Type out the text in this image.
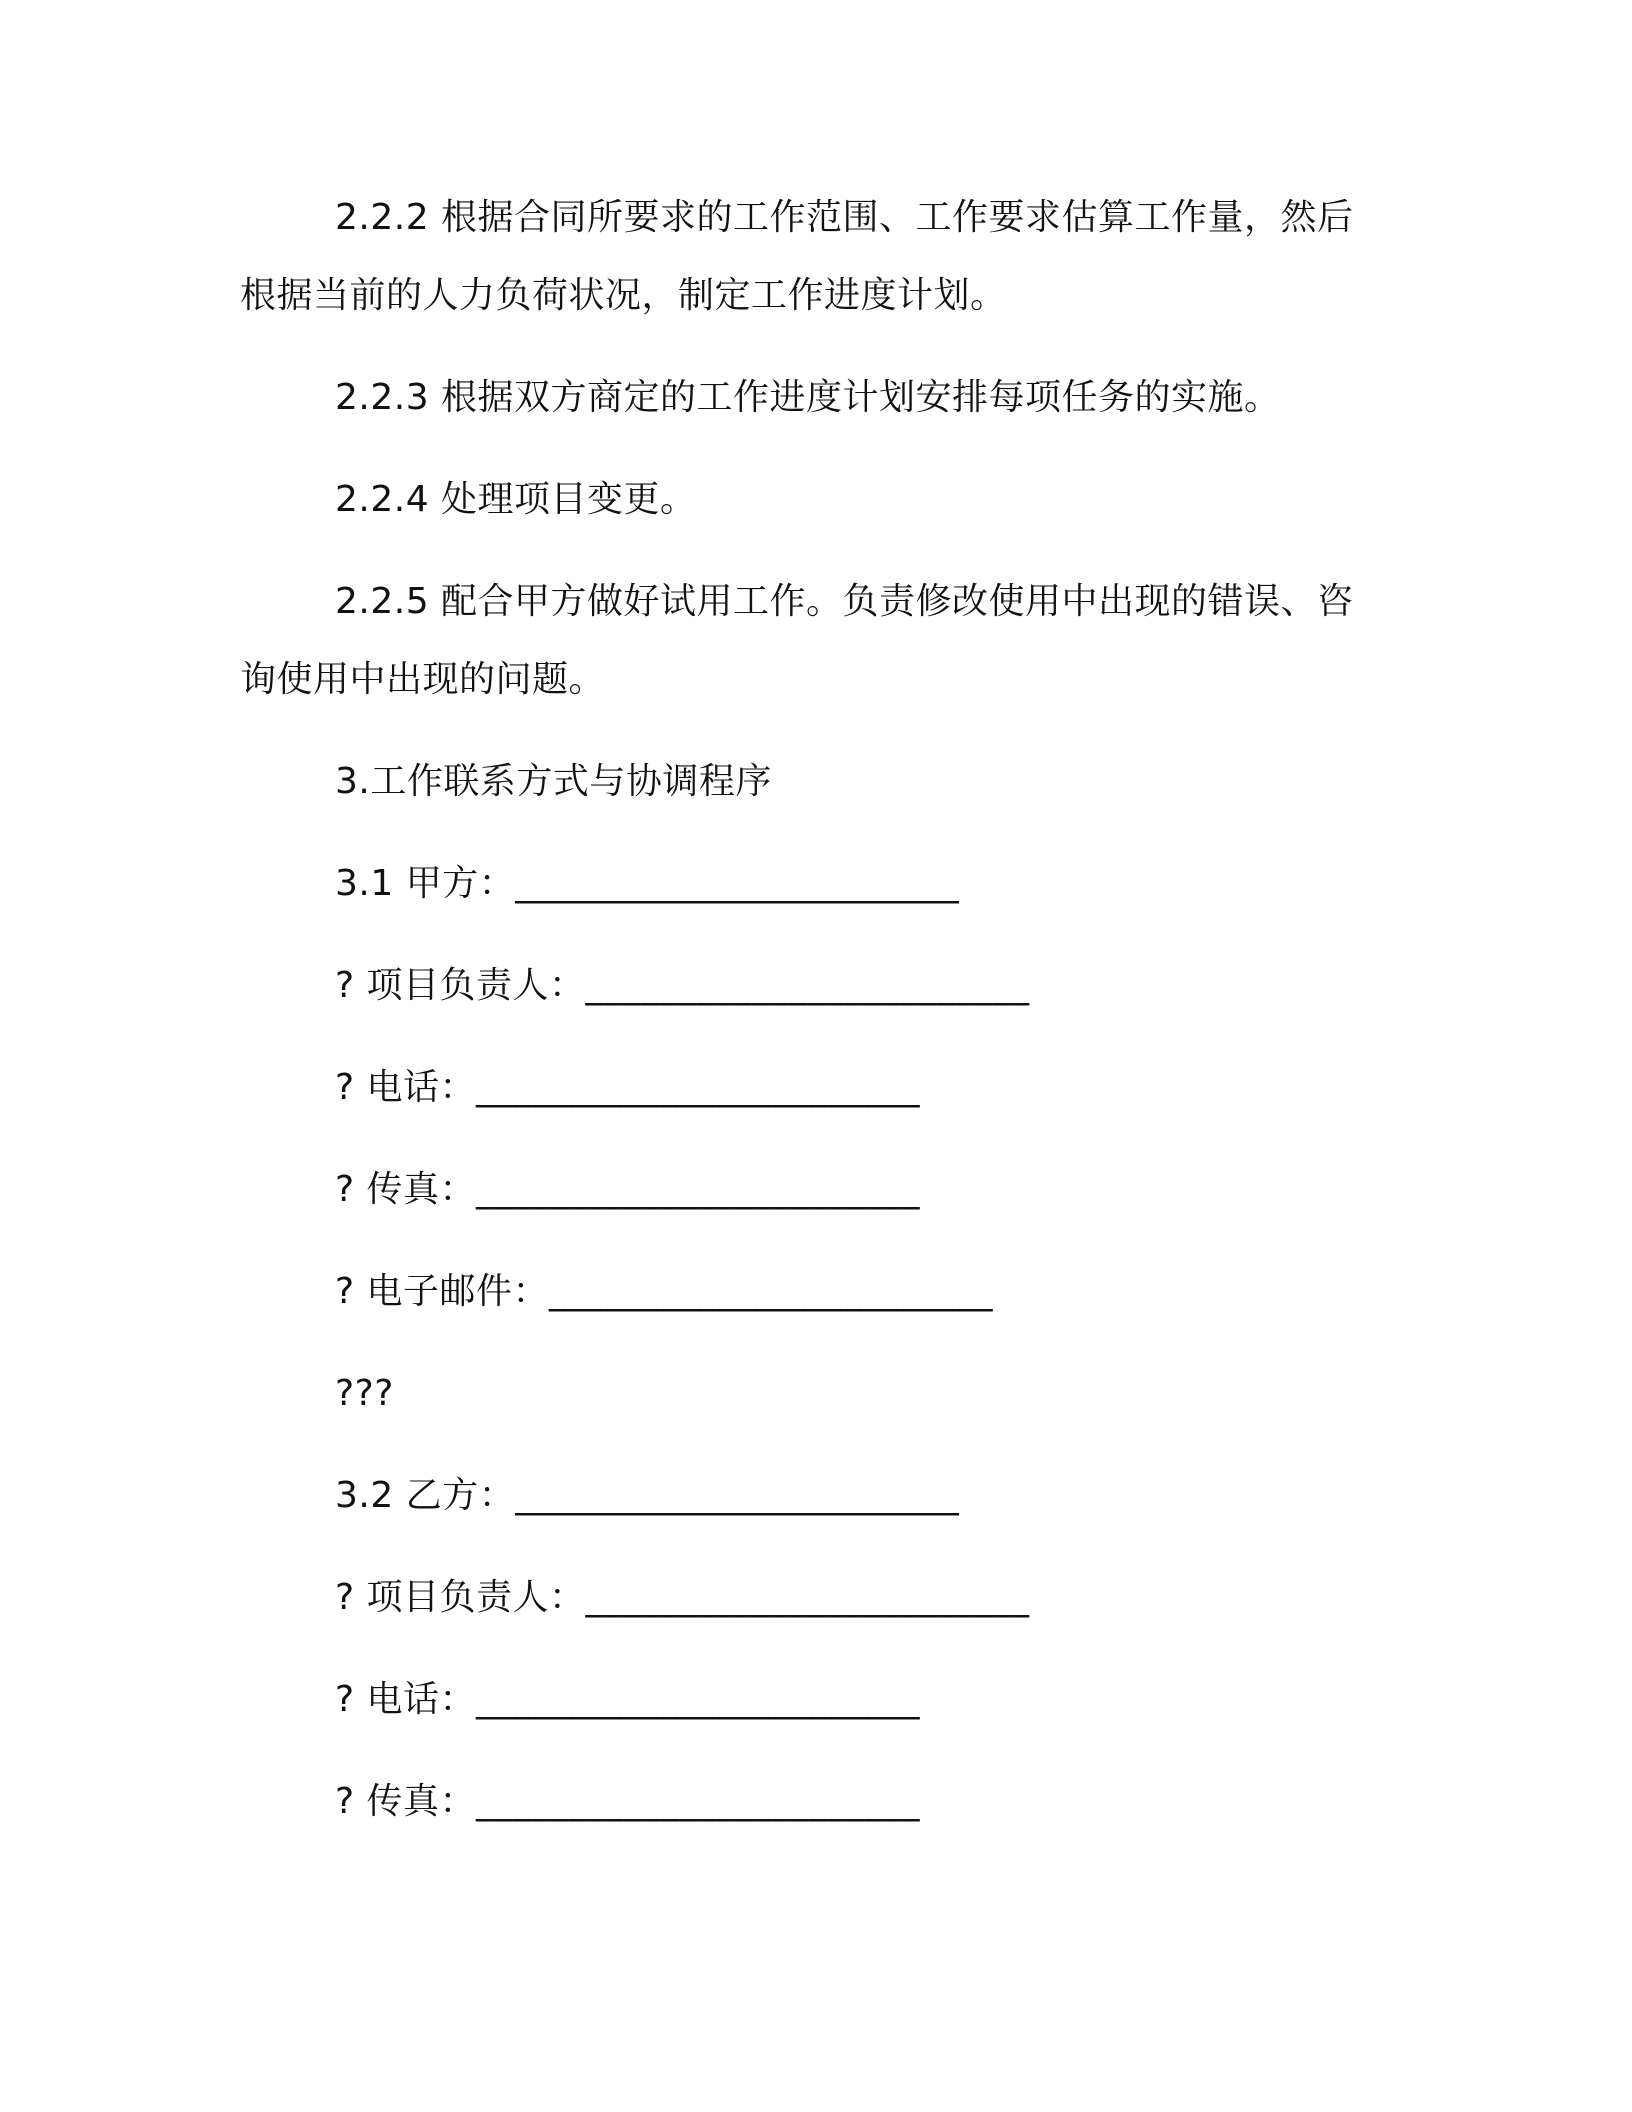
2.2.2 根据合同所要求的工作范围、工作要求估算工作量，然后
根据当前的人力负荷状况，制定工作进度计划。
2.2.3 根据双方商定的工作进度计划安排每项任务的实施。
2.2.4 处理项目变更。
2.2.5 配合甲方做好试用工作。负责修改使用中出现的错误、咨
询使用中出现的问题。
3.工作联系方式与协调程序
3.1 甲方：________________________
? 项目负责人：________________________
? 电话：________________________
? 传真：________________________
? 电子邮件：________________________
???
3.2 乙方：________________________
? 项目负责人：________________________
? 电话：________________________
? 传真：________________________
